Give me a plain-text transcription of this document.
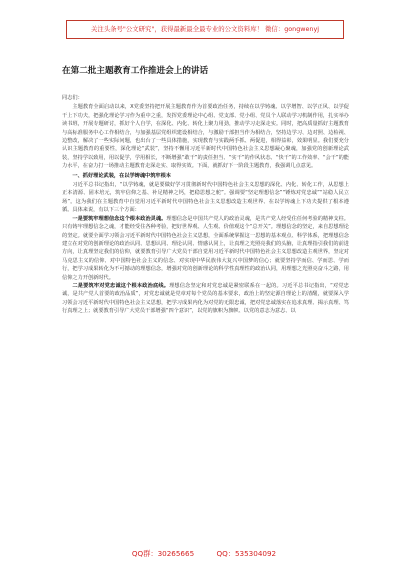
关注头条号"公文研究"，获得最新最全最专业的公文资料库！ 微信：gongwenyj
在第二批主题教育工作推进会上的讲话

同志们：

主题教育全面启动以来，X党委坚持把开展主题教育作为首要政治任务，持续在以学铸魂、以学增智、以学正风、以学促干上下功夫，把强化理论学习作为重中之重，发挥党委理论中心组、党支部、党小组、党员个人联动学习机制作用，扎实举办读书班，开展专题研讨，抓好个人自学，在深化、内化、转化上聚力用劲，推动学习走深走实。同时，把高质量抓好主题教育与高标准服务中心工作相结合，与加强基层党组织建设相结合，与激励干部担当作为相结合，坚持边学习、边对照、边检视、边整改，解决了一些实际问题，也出台了一些具体措施，实现教育与实践两手抓、两促进，相得益彰，效果明显。我们要充分认识主题教育的重要性，深化理论“武装”，坚持不懈用习近平新时代中国特色社会主义思想凝心聚魂，加强党的创新理论武装，坚持学以致用，用以促学，学用相长，不断增强“敢干”的责任担当、“实干”的作风状态、“快干”的工作效率、“会干”的能力水平，在奋力打一场推动主题教育走深走实、取得实效。下面，就抓好下一阶段主题教育，我强调几点意见。

一、抓好理论武装，在以学铸魂中筑牢根本

习近平总书记指出，“以学铸魂，就是要做好学习贯彻新时代中国特色社会主义思想的深化、内化、转化工作，从思想上正本清源、固本培元，筑牢信仰之基、补足精神之钙，把稳思想之舵”。强调要“坚定理想信念”“锤炼对党忠诚”“站稳人民立场”。这为我们在主题教育中自觉用习近平新时代中国特色社会主义思想改造主观世界、在以学铸魂上下功夫提供了根本遵循。具体来说，有以下三个方面：

一是要筑牢理想信念这个根本政治灵魂。理想信念是中国共产党人的政治灵魂，是共产党人经受住任何考验的精神支柱。只有铸牢理想信念之魂，才能经受住各种考验，把好世界观、人生观、价值观这个“总开关”。理想信念的坚定，来自思想理论的坚定。就要全面学习领会习近平新时代中国特色社会主义思想，全面系统掌握这一思想的基本观点、科学体系，把理想信念建立在对党的创新理论的政治认同、思想认同、理论认同、情感认同上，让真理之光照亮我们的头脑，让真理指引我们的前进方向，让真理坚定我们的信仰，就要教育引导广大党员干部自觉用习近平新时代中国特色社会主义思想改造主观世界，坚定对马克思主义的信仰、对中国特色社会主义的信念、对实现中华民族伟大复兴中国梦的信心；就要坚持学而信、学而思、学而行，把学习成果转化为不可撼动的理想信念，增强对党的创新理论的科学性真理性的政治认同，用理想之光照亮奋斗之路，用信仰之力开创新时代。

二是要筑牢对党忠诚这个根本政治底线。理想信念坚定和对党忠诚是紧密联系在一起的。习近平总书记指出，“对党忠诚，是共产党人首要的政治品质”，对党忠诚就是党章对每个党员的基本要求，政治上的坚定源自理论上的清醒，就要深入学习领会习近平新时代中国特色社会主义思想，把学习成果内化为对党的无限忠诚，把对党忠诚落实在追求真理、揭示真理、笃行真理之上；就要教育引导广大党员干部增强“四个意识”，以党的旗帜为旗帜、以党的意志为意志、以

QQ群：30265665	QQ：535304092
